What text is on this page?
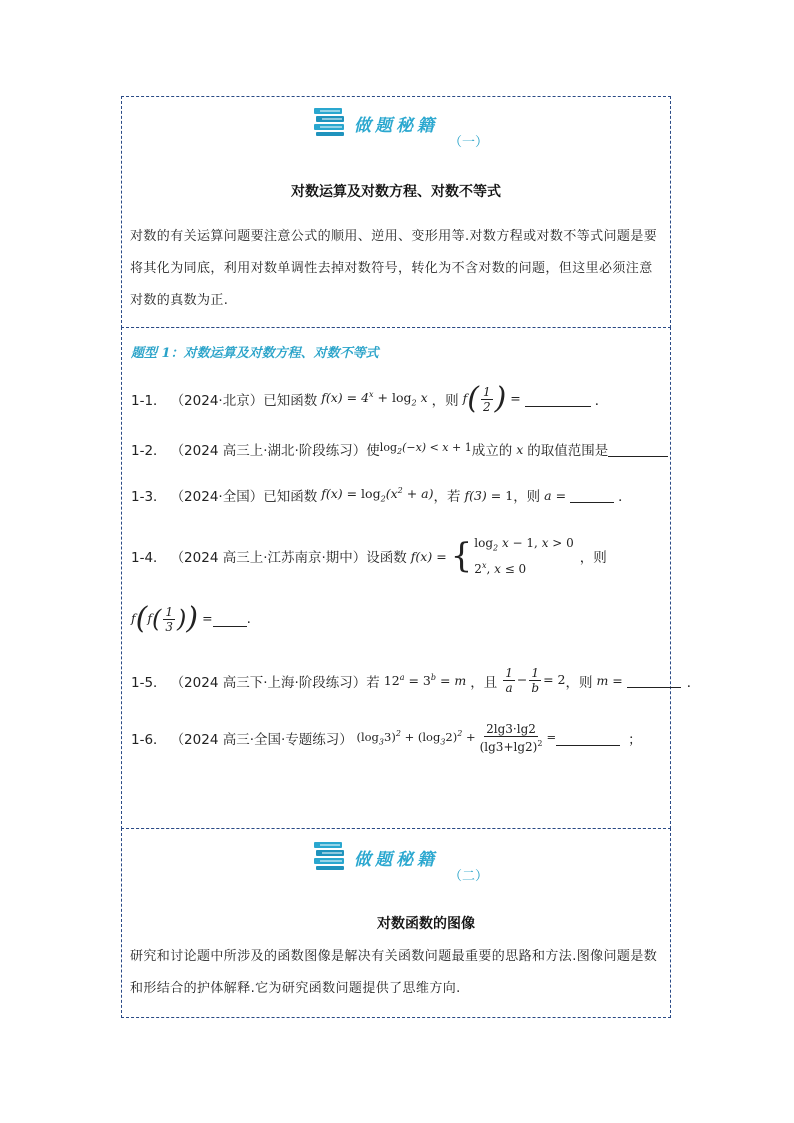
做题秘籍
（一）
对数运算及对数方程、对数不等式
对数的有关运算问题要注意公式的顺用、逆用、变形用等.对数方程或对数不等式问题是要将其化为同底，利用对数单调性去掉对数符号，转化为不含对数的问题，但这里必须注意对数的真数为正.
题型 1：对数运算及对数方程、对数不等式
1-1． （2024·北京） 已知函数 $f(x) = 4^x + \log_2 x$ ，则 $f( \frac{1}{2}$ ) =	．
1-2． （2024 高三上·湖北·阶段练习） 使 $\log_2(-x) < x + 1$ 成立的 x 的取值范围是
1-3． （2024·全国） 已知函数 $f(x) = \log_2(x^2 + a)$ ，若 f(3) = 1 ，则 a =	．
1-4． （2024 高三上·江苏南京·期中） 设函数 f(x) = { $\log_2 x - 1$, x > 0
2$^x$, x ≤ 0
，则
$f(f( \frac{1}{3}$ )) =	.
1-5． （2024 高三下·上海·阶段练习） 若 $12^a = 3^b = m$ ，且
$\frac{1}{a} - \frac{1}{b} = 2$ ，则 m =	．
1-6． （2024 高三·全国·专题练习） $(\log_33)^2 + (\log_32)^2 + \frac{2\lg 3\cdot\lg 2}{(\lg 3+\lg 2)^2}$ =	；
做题秘籍
（二）
对数函数的图像
研究和讨论题中所涉及的函数图像是解决有关函数问题最重要的思路和方法.图像问题是数和形结合的护体解释.它为研究函数问题提供了思维方向.
